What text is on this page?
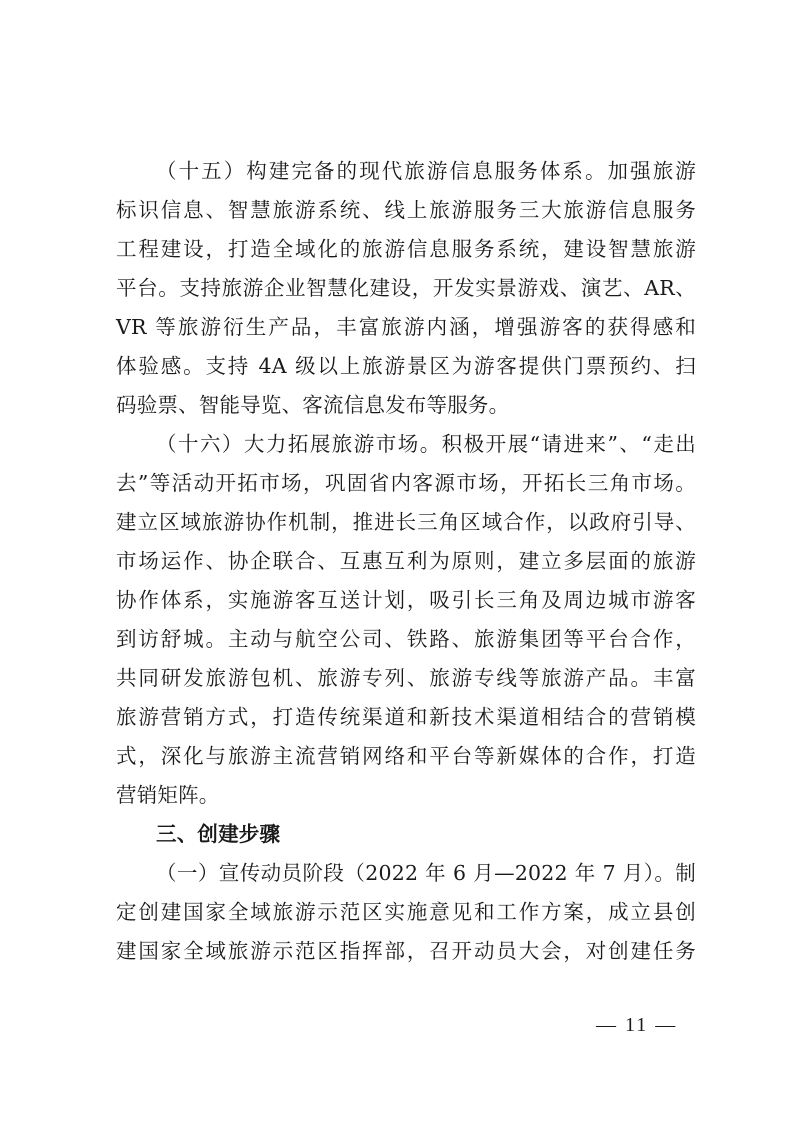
（十五）构建完备的现代旅游信息服务体系。加强旅游
标识信息、智慧旅游系统、线上旅游服务三大旅游信息服务
工程建设，打造全域化的旅游信息服务系统，建设智慧旅游
平台。支持旅游企业智慧化建设，开发实景游戏、演艺、AR、
VR 等旅游衍生产品，丰富旅游内涵，增强游客的获得感和
体验感。支持 4A 级以上旅游景区为游客提供门票预约、扫
码验票、智能导览、客流信息发布等服务。
（十六）大力拓展旅游市场。积极开展“请进来”、“走出
去”等活动开拓市场，巩固省内客源市场，开拓长三角市场。
建立区域旅游协作机制，推进长三角区域合作，以政府引导、
市场运作、协企联合、互惠互利为原则，建立多层面的旅游
协作体系，实施游客互送计划，吸引长三角及周边城市游客
到访舒城。主动与航空公司、铁路、旅游集团等平台合作，
共同研发旅游包机、旅游专列、旅游专线等旅游产品。丰富
旅游营销方式，打造传统渠道和新技术渠道相结合的营销模
式，深化与旅游主流营销网络和平台等新媒体的合作，打造
营销矩阵。
三、创建步骤
（一）宣传动员阶段（2022 年 6 月—2022 年 7 月）。制
定创建国家全域旅游示范区实施意见和工作方案，成立县创
建国家全域旅游示范区指挥部，召开动员大会，对创建任务
— 11 —
